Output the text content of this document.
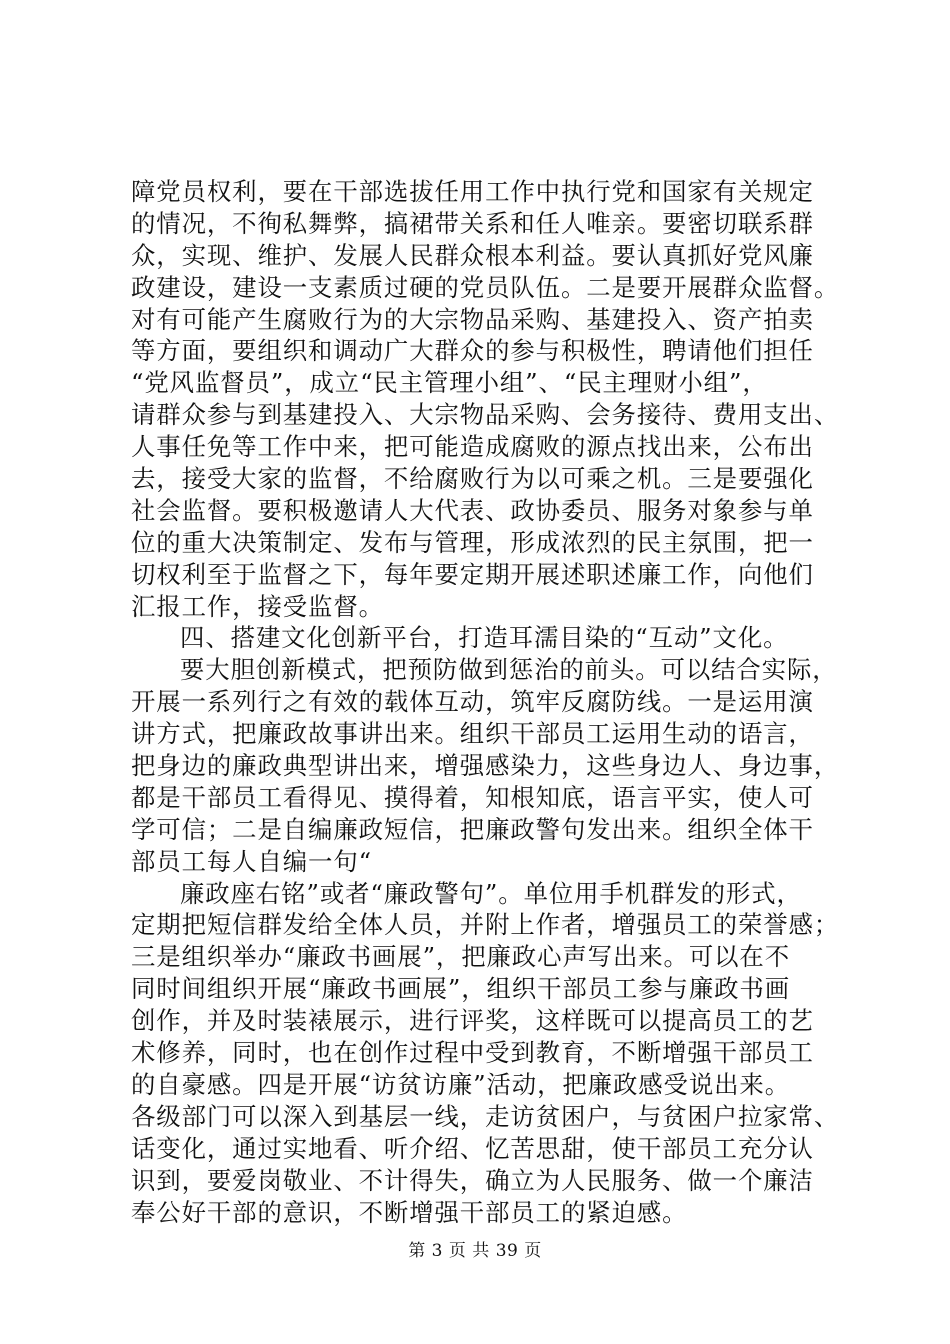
障党员权利，要在干部选拔任用工作中执行党和国家有关规定
的情况，不徇私舞弊，搞裙带关系和任人唯亲。要密切联系群
众，实现、维护、发展人民群众根本利益。要认真抓好党风廉
政建设，建设一支素质过硬的党员队伍。二是要开展群众监督。
对有可能产生腐败行为的大宗物品采购、基建投入、资产拍卖
等方面，要组织和调动广大群众的参与积极性，聘请他们担任
“党风监督员”，成立“民主管理小组”、“民主理财小组”，
请群众参与到基建投入、大宗物品采购、会务接待、费用支出、
人事任免等工作中来，把可能造成腐败的源点找出来，公布出
去，接受大家的监督，不给腐败行为以可乘之机。三是要强化
社会监督。要积极邀请人大代表、政协委员、服务对象参与单
位的重大决策制定、发布与管理，形成浓烈的民主氛围，把一
切权利至于监督之下，每年要定期开展述职述廉工作，向他们
汇报工作，接受监督。
四、搭建文化创新平台，打造耳濡目染的“互动”文化。
要大胆创新模式，把预防做到惩治的前头。可以结合实际，
开展一系列行之有效的载体互动，筑牢反腐防线。一是运用演
讲方式，把廉政故事讲出来。组织干部员工运用生动的语言，
把身边的廉政典型讲出来，增强感染力，这些身边人、身边事，
都是干部员工看得见、摸得着，知根知底，语言平实，使人可
学可信；二是自编廉政短信，把廉政警句发出来。组织全体干
部员工每人自编一句“
廉政座右铭”或者“廉政警句”。单位用手机群发的形式，
定期把短信群发给全体人员，并附上作者，增强员工的荣誉感；
三是组织举办“廉政书画展”，把廉政心声写出来。可以在不
同时间组织开展“廉政书画展”，组织干部员工参与廉政书画
创作，并及时装裱展示，进行评奖，这样既可以提高员工的艺
术修养，同时，也在创作过程中受到教育，不断增强干部员工
的自豪感。四是开展“访贫访廉”活动，把廉政感受说出来。
各级部门可以深入到基层一线，走访贫困户，与贫困户拉家常、
话变化，通过实地看、听介绍、忆苦思甜，使干部员工充分认
识到，要爱岗敬业、不计得失，确立为人民服务、做一个廉洁
奉公好干部的意识，不断增强干部员工的紧迫感。
第 3 页 共 39 页
